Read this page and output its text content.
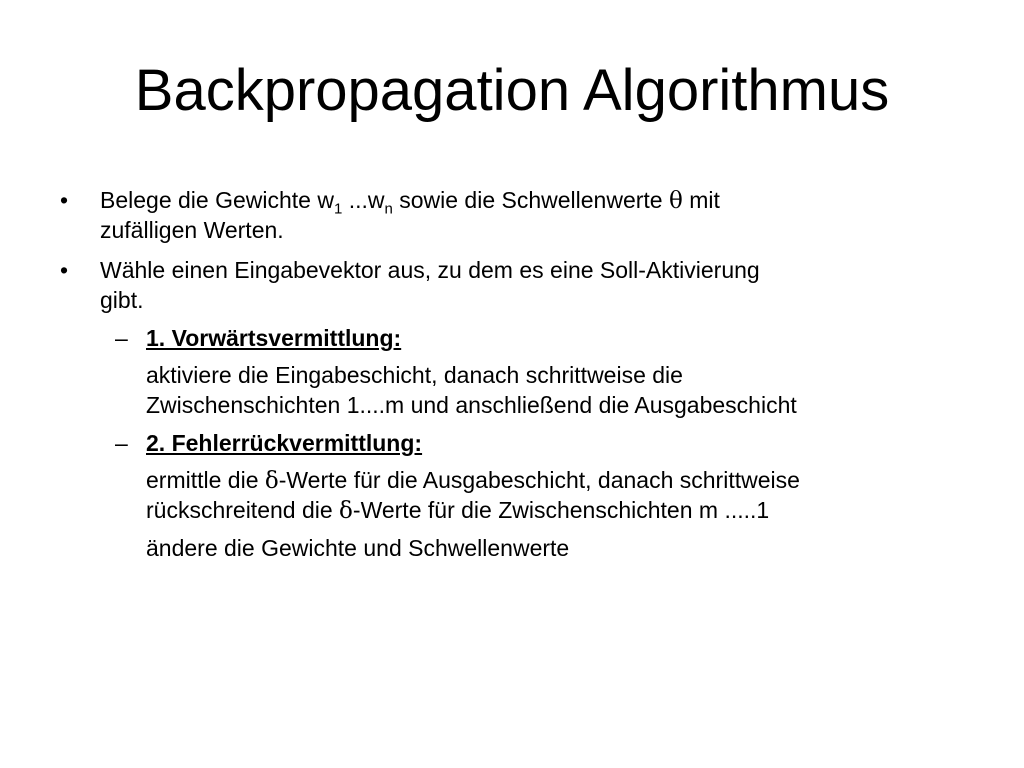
Backpropagation Algorithmus
• Belege die Gewichte $w_1$ $...w_n$ sowie die Schwellenwerte θ mit
zufälligen Werten.
• Wähle einen Eingabevektor aus, zu dem es eine Soll-Aktivierung
gibt.
– 1. Vorwärtsvermittlung:
aktiviere die Eingabeschicht, danach schrittweise die
Zwischenschichten 1....m und anschließend die Ausgabeschicht
– 2. Fehlerrückvermittlung:
ermittle die δ-Werte für die Ausgabeschicht, danach schrittweise
rückschreitend die δ-Werte für die Zwischenschichten m .....1
ändere die Gewichte und Schwellenwerte
